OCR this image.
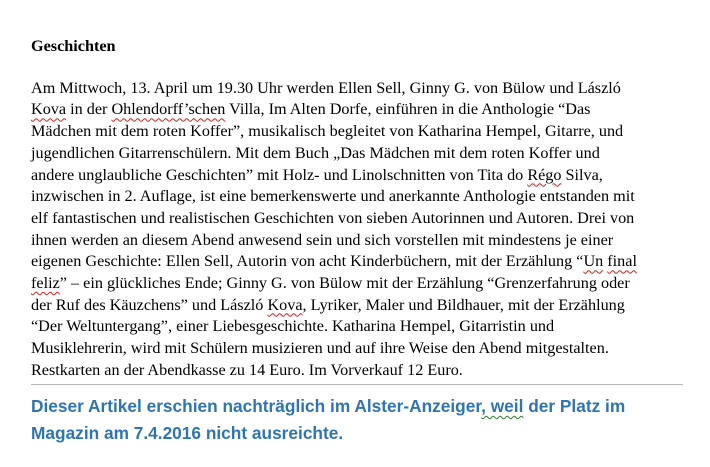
Geschichten
Am Mittwoch, 13. April um 19.30 Uhr werden Ellen Sell, Ginny G. von Bülow und László
Kova in der Ohlendorff’schen Villa, Im Alten Dorfe, einführen in die Anthologie “Das
Mädchen mit dem roten Koffer”, musikalisch begleitet von Katharina Hempel, Gitarre, und
jugendlichen Gitarrenschülern. Mit dem Buch „Das Mädchen mit dem roten Koffer und
andere unglaubliche Geschichten” mit Holz- und Linolschnitten von Tita do Régo Silva,
inzwischen in 2. Auflage, ist eine bemerkenswerte und anerkannte Anthologie entstanden mit
elf fantastischen und realistischen Geschichten von sieben Autorinnen und Autoren. Drei von
ihnen werden an diesem Abend anwesend sein und sich vorstellen mit mindestens je einer
eigenen Geschichte: Ellen Sell, Autorin von acht Kinderbüchern, mit der Erzählung “Un final
feliz” – ein glückliches Ende; Ginny G. von Bülow mit der Erzählung “Grenzerfahrung oder
der Ruf des Käuzchens” und László Kova, Lyriker, Maler und Bildhauer, mit der Erzählung
“Der Weltuntergang”, einer Liebesgeschichte. Katharina Hempel, Gitarristin und
Musiklehrerin, wird mit Schülern musizieren und auf ihre Weise den Abend mitgestalten.
Restkarten an der Abendkasse zu 14 Euro. Im Vorverkauf 12 Euro.
Dieser Artikel erschien nachträglich im Alster-Anzeiger, weil der Platz im
Magazin am 7.4.2016 nicht ausreichte.
